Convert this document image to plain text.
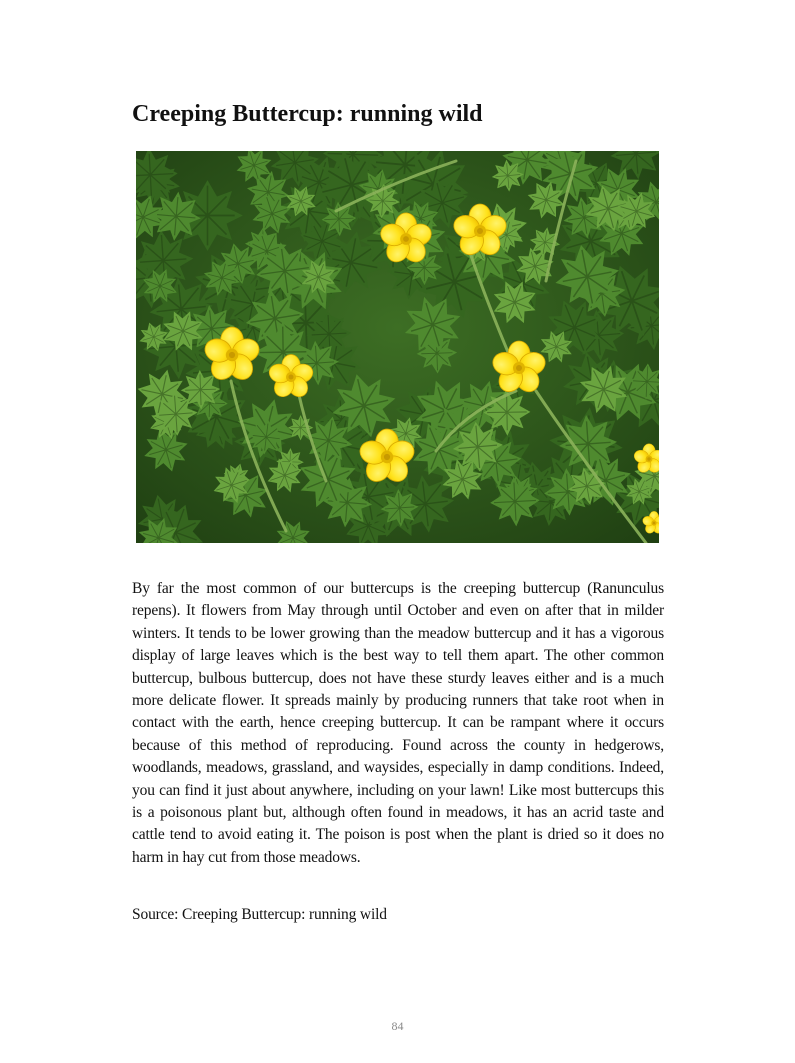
Creeping Buttercup: running wild

By far the most common of our buttercups is the creeping buttercup (Ranunculus repens). It flowers from May through until October and even on after that in milder winters. It tends to be lower growing than the meadow buttercup and it has a vigorous display of large leaves which is the best way to tell them apart. The other common buttercup, bulbous buttercup, does not have these sturdy leaves either and is a much more delicate flower. It spreads mainly by producing runners that take root when in contact with the earth, hence creeping buttercup. It can be rampant where it occurs because of this method of reproducing. Found across the county in hedgerows, woodlands, meadows, grassland, and waysides, especially in damp conditions. Indeed, you can find it just about anywhere, including on your lawn! Like most buttercups this is a poisonous plant but, although often found in meadows, it has an acrid taste and cattle tend to avoid eating it. The poison is post when the plant is dried so it does no harm in hay cut from those meadows.

Source: Creeping Buttercup: running wild

84
